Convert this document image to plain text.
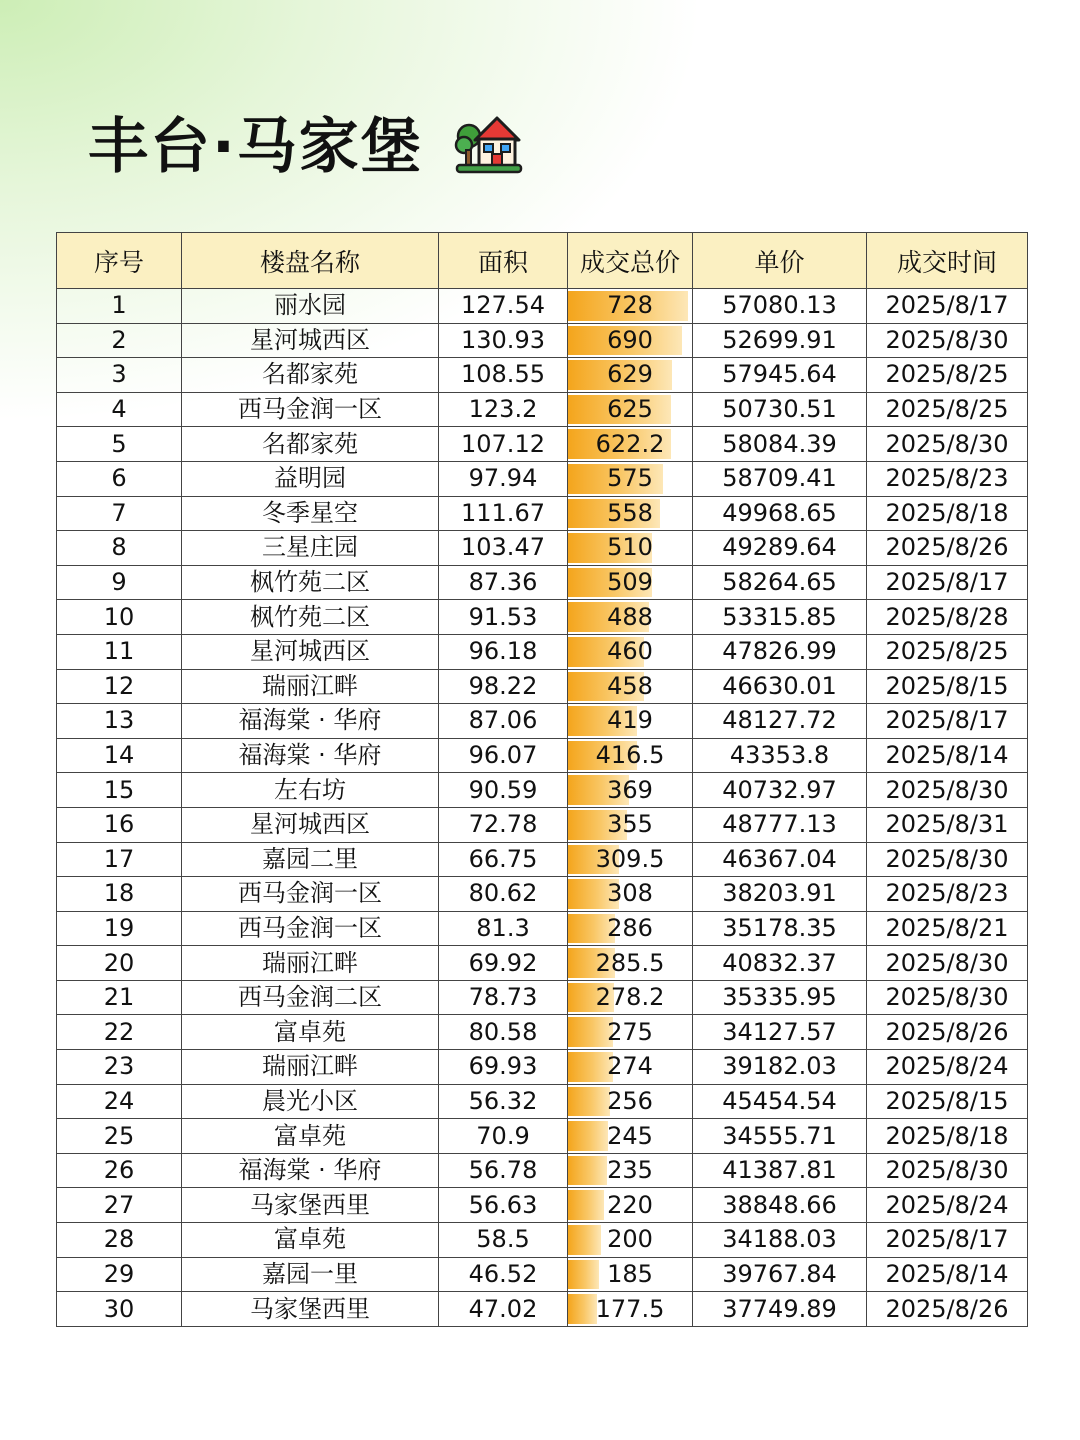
丰台·马家堡
序号	楼盘名称	面积	成交总价	单价	成交时间
1	丽水园	127.54	728	57080.13	2025/8/17
2	星河城西区	130.93	690	52699.91	2025/8/30
3	名都家苑	108.55	629	57945.64	2025/8/25
4	西马金润一区	123.2	625	50730.51	2025/8/25
5	名都家苑	107.12	622.2	58084.39	2025/8/30
6	益明园	97.94	575	58709.41	2025/8/23
7	冬季星空	111.67	558	49968.65	2025/8/18
8	三星庄园	103.47	510	49289.64	2025/8/26
9	枫竹苑二区	87.36	509	58264.65	2025/8/17
10	枫竹苑二区	91.53	488	53315.85	2025/8/28
11	星河城西区	96.18	460	47826.99	2025/8/25
12	瑞丽江畔	98.22	458	46630.01	2025/8/15
13	福海棠 · 华府	87.06	419	48127.72	2025/8/17
14	福海棠 · 华府	96.07	416.5	43353.8	2025/8/14
15	左右坊	90.59	369	40732.97	2025/8/30
16	星河城西区	72.78	355	48777.13	2025/8/31
17	嘉园二里	66.75	309.5	46367.04	2025/8/30
18	西马金润一区	80.62	308	38203.91	2025/8/23
19	西马金润一区	81.3	286	35178.35	2025/8/21
20	瑞丽江畔	69.92	285.5	40832.37	2025/8/30
21	西马金润二区	78.73	278.2	35335.95	2025/8/30
22	富卓苑	80.58	275	34127.57	2025/8/26
23	瑞丽江畔	69.93	274	39182.03	2025/8/24
24	晨光小区	56.32	256	45454.54	2025/8/15
25	富卓苑	70.9	245	34555.71	2025/8/18
26	福海棠 · 华府	56.78	235	41387.81	2025/8/30
27	马家堡西里	56.63	220	38848.66	2025/8/24
28	富卓苑	58.5	200	34188.03	2025/8/17
29	嘉园一里	46.52	185	39767.84	2025/8/14
30	马家堡西里	47.02	177.5	37749.89	2025/8/26
